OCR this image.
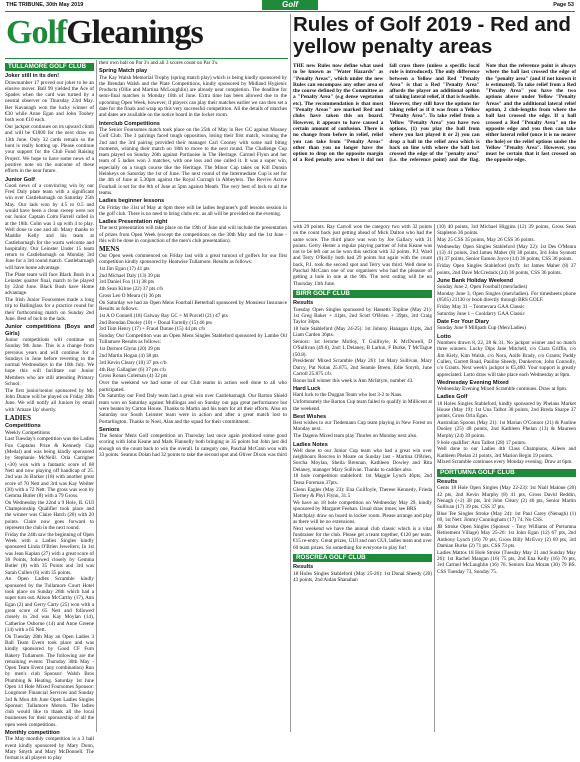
THE TRIBUNE, 30th May 2019	Golf	Page 53
GolfGleanings	Rules of Golf 2019 - Red and yellow penalty areas
TULLAMORE GOLF CLUB
Joker still in its den!

Drawnumber 17 proved our joker to be an elusive mover. Ball 99 yielded the Ace of Spades when the card was turned by a neutral observer on Thursday 23rd May. Ber Kavanagh won the lucky winner of €30 while Anne Egan and John Toohey both won €10 each.

Our jackpot continues on its upward climb and will be €1800 for the next draw on 13th June. Only 32 cards remain so the hunt is really hotting up. Please continue your support for the Club Fund Raising Project. We hope to have some news of a positive note on the outcome of these efforts in the near future.

Junior Golf

Good news of a convincing win by our Fred Daly plate team with a significant win over Castlebarnagh on Saturday 25th May. Our lads won by 4.5 to 0.5 and would have been a clean sweep were not our Junior Captain Colm Farrell called in at the 18th. Colm was 3 up with 4 to play. Well done to one and all. Many thanks to Maddie Kelly and his team at Castlebarnagh for the warm welcome and hospitality. Our Leinster Under 15 team return to Castlebarnagh on Monday 3rd June for a 3rd round match. Castlebarnagh will have home advantage.

The Plate team will face Black Bush in a Leinster quarter final, match to be played by 22nd June. Black Bush have Home advantage.

The Irish Junior Foursomes made a long trip to Ballinglass for a practice round for their forthcoming match on Sunday 2nd June. Best of luck to the lads.

Junior competitions (Boys and Girls)

Junior competitions will continue on Sunday 9th June. This is a change from previous years and will continue for 4 Sundays in June before reverting to the normal Wednesdays in the 10th July. We hope this will facilitate our Junior Members who are still attending Primary School.

The first junior/senior sponsored by Mr. John Dunne will be played on Friday 28th June. We will notify all Juniors by email with 'Amaze Up' shortly.

LADIES
Competitions

Weekly Competitions

Last Tuesday's competition was the Ladies Fun Captains Prize & Kennedy Cup (Medal) and was being kindly sponsored by Stephanie McNeill. Orla Carrigher (+30) won with a fantastic score of 68 Nett and now playing off handicap of 25. 2nd was Jo Barker (18) with another great score of 70 Nett and 3rd was Kay Weilter (30) with a 72 Nett. The gross was won by Gemma Butler (8) with a 79 Gross.

On Wednesday the 22nd a 9 Hole, IL GUI Championship Qualifier took place and the winner was Claire Hatch (20) with 20 points. Claire now goes forward to represent the club in the next round.

Friday the 24th saw the beginning of Open Week with a Ladies Singles kindly sponsored Linda O'Brien Jewellers; In 1st was Jean Kaplan (27) with a great score of 36 Points, followed closely by Gemma Butler (8) with 35 Points and 3rd was Sarah Cullen (6) with 35 points.

An Open Ladies Scramble kindly sponsored by the Tullamore Court Hotel took place on Sunday 26th which had a super turn out. Alison McCarthy (17), Ann Egan (2) and Gerry Carty (25) won with a great score of 65 Nett and followed closely in 2nd was Kay Moylan (14), Catherine Osborne (14) and Anne Greene (14) with a 65 Nett.

On Tuesday 28th May an Open Ladies 3 Ball Team Event took place and was kindly sponsored by Good CF Furn Bakery Tullamore. The following are the remaining events: Thursday 30th May - Open Team Event (any combination) Run by men's club Sponsor: Walsh Bros Plumbing & Heating. Saturday 1st June Open 14 Hole Mixed Foursomes Sponsor: Longmore Financial Services and Sunday 3rd & Mon 4th June Open Ladies Singles Sponsor: Tullamore Motors. The ladies club would like to thank all the local businesses for their sponsorship of all the open week competitions.

Monthly competition

The May monthly competition is a 3 ball event kindly sponsored by Mary Dunn, Mary Smyth and Mary McDonnell. The format is all players to play

their own ball on Par 3's and all 3 scores count on Par 3's.

Spring Match play

The Kay Walsh Memorial Trophy (spring match play) which is being kindly sponsored by the Brendan Walsh and the Plate Competitions, kindly sponsored by Midland Hygienic Products (Ollie and Martina McLoughlin) are already near completion. The deadline for semi-final matches is Monday 10th of June. Extra time has been allowed due to the upcoming Open Week, however, if players can play their matches earlier we can then set a date for the finals and wrap up this very successful competition. All the details of matches and dates are available on the notice board in the locker room.

Interclub Competitions

The Senior Foursomes match took place on the 25th of May in Rev GC against Mosney Golf Club. The 3 pairings faced tough opposition, losing their first match, winning the 2nd and the 3rd pairing provided their manager Carl Cooney with some nail biting moments, winning their match on 18th to move to the next round. The Challenge Cup team played on Sunday 26th against Portlaoise in The Heritage. Carmel Flynn and her team of 5 ladies won 3 matches, with one loss and one called it. It was a super win, especially on a tough course like the Heritage. The Minor Cup takes on Kill Dunsin Heinkeys on Saturday the 1st of June. The next round of the Intermediate Cup is set for the 4th of June at 5.30pm against the Royal Curragh in Abbeyleix. The Revive Active Fourball is set for the 8th of June at 5pm against Meath. The very best of luck to all the teams.

Ladies beginner lessons

On Friday the 31st of May at 6pm there will be ladies beginner's golf lessons session in the golf club. There is no need to bring clubs etc. as all will be provided on the evening.

Ladies Presentation night

The next presentation will take place on the 19th of June and will include the presentation of prizes from Open Week (except the competitions on the 30th May and the 1st June - this will be done in conjunction of the men's club presentation).

MENS

Our Open week commenced on Friday last with a great turnout of golfers for our first competition kindly sponsored by Heatwise Tullamore. Results as follows:

1st Jim Egan (17) 41 pts

2nd Michael Daly (13) 39 pts

3rd Daniel Fox (11) 38 pts

4th Sean Kilroe (22) 37 pts c/b

Gross Leo O Meara (1) 36 pts

On Saturday we had an Open Mens Fourball Betterball sponsored by Monsieur Insurance Results as follows:

1st A O Connell (18) Galway Bay GC + M Purcell (21) 47 pts

2nd Brendan Dooley (10) + Donal Farrelly (15) 46 pts

3rd Tom Henry (17) + Fraud Dunne (15) 44 pts c/b

Sunday Our Competition was an Open Mens Singles Stableford sponsored by Lambe Oil Tullamore Results as follows:

1st Dermot Glynn (20) 39 pts

2nd Martin Hogan (4) 38 pts

3rd Kevin Cleary (10) 37 pts c/b

4th Ray Gallagher (6) 37 pts c/b

Gross Ronan Coleman (4) 32 pts

Over the weekend we had some of our Club teams in action well done to all who participated.

On Saturday our Fred Daly team had a great win over Castlebarnagh. Our Barton Shield team won on Saturday against Mullingar and on Sunday our pga great performance but were beaten by Carton House. Thanks to Martin and his team for all their efforts. Also on Saturday our South Leinster team were in action and after a great match lost to Portarlington. Thanks to Noel, Alan and the squad for their commitment.

Seniors

The Senior Mens Golf competition on Thursday last once again produced some good scoring with John Keane and Mark Flannelly both bringing in 35 points but John just did enough on the count back to win the overall. In category one, Paschal McCann won with 33 points. Seamus Dolan had 32 points to take the second spot and Oliver Dixon was third

THE new Rules now define what used to be known as "Water Hazards" as "Penalty Areas", which under the new Rules can encompass any other area of the course defined by the Committee as a "Penalty Area" (e.g dense vegetation etc). The recommendation is that most "Penalty Areas" are marked Red and clubs have taken this on board. However, it appears to have caused a certain amount of confusion. There is no change from before in relief, relief you can take from "Penalty Areas" other than you no longer have the option to drop on the opposite margin of a Red penalty area when it did not fall cross there (unless a specific local rule is introduced). The only difference between a Yellow and Red "Penalty Area" is that a Red "Penalty Area" affords the player an additional option of taking lateral relief, if that is feasible. However, they still have the options for taking relief as if it was from a Yellow "Penalty Area". To take relief from a Yellow "Penalty Area" you have two options, (1) you play the ball from where you last played it or 2) you can drop a ball in the relief area which is back on line with where the ball last crossed the edge of the "penalty area" (i.e. the reference point) and the flag. Note that the reference point is always where the ball last crossed the edge of the "penalty area" (and if not known it is estimated). To take relief from a Red "Penalty Area" you have the two options above under Yellow "Penalty Areas" and the additional lateral relief option, 2 club-lengths from where the ball last crossed the edge. If a ball crossed a Red "Penalty Area" on the opposite edge and you then can take either lateral relief (once it is no nearer the hole) or the relief options under the Yellow "Penalty Area". However, you must be certain that it last crossed on the opposite edge.

with 29 points. Ray Carroll won the category two with 32 points on the count back just getting ahead of Mick Dalton who had the same score. The third place was won by Joe Gallacy with 31 points. Gerry Hester a regular playing partner of John Keane was not to be left out as he won this section with 32 points. P.J. Ward and Terry O'Reilly both had 29 points but again with the count back, P.J. took the second spot and Terry was third. Well done to Paschal McCann one of our organisers who had the pleasure of getting a hole in one at the 9th. The next outing will be on Thursday 13th June.

BIRR GOLF CLUB
Results

Tuesday Open Singles sponsored by Hassetts Topline (May 21): 1st Greg Baker + 41pts, 2nd Scott O'Brien + 39pts, 3rd Craig Taylor 38pts.

18 hole Stableford (May 24-25): 1st Johnny Hanagan 41pts, 2nd Liam Carden 36pts.

Seniors: 1st Jerome Molloy, T Guilfoyle, K McDowell, D O'Sullivan (49.6), 2nd: L Delaney, B Larkin, F Burke, T McTague (50.8).

Presidents' Mixed Scramble (May 26): 1st Mary Sullivan, Mary Darcy, Pat Nolan 25.875, 2nd Seamie Breen, Edie Smyth, June Carroll 25.875 c/b.

Bonus ball winner this week is Ann McIntyre, number 43.

Hard Luck

Hard luck to the Duggan Team who lost 3-2 to Naas.

Unfortunately the Barton Cup team failed to qualify in Millicent at the weekend.

Best Wishes

Best wishes to our Tiedemann Cup team playing in New Forest on Monday next.

The Dagens Mixed team play Thurles on Monday next also.

Ladies Notes

Well done to our Junior Cup team who had a great win over neighbours Roscrea in Moate on Sunday last - Martina O'Brien, Sorcha Moylan, Sheila Brennan, Kathleen Dowley and Rita Delaney, manager Mary Sullivan. Thanks to caddies also.

18 hole competition stableford: 1st Maggie Lynch 46pts, 2nd Tessa Foreman 37pts.

Glenn Eagles (May 23): Ena Guilfoyle, Therese Kennedy, Frieda Tierney & Phyl Flynn, 31.5

We have an 18 hole competition on Wednesday May 29, kindly sponsored by Margaret Feehan. Usual draw times; see BRS

Matchplay draw on board in locker room. Please arrange and play as there will be no extensions.

Next weekend we have the annual club classic which is a vital fundraiser for the club. Please get a team together, €120 per team. €15 re-entry. Great prizes, GUI and non GUI, ladies team and over 60 team prizes. So something for everyone to play for!

ROSCREA GOLF CLUB
Results

18 Holes Singles Stableford (May 25-26): 1st Donal Sheedy (20) 43 points, 2nd Aidan Shanahan

(10) 40 points, 3rd Michael Higgins (12) 39 points, Gross Sean Stapleton 36 points.

May 25 CSS 35 points, May 26 CSS 36 points.

Wednesday Open Singles Stableford (May 22): 1st Des O'Meara (13) 41 points, 2nd James Maher (8) 38 points, 3rd John Synnott (9) 37 points, Senior Eamon Joyce (14) 36 points, CSS 36 points.

Friday Open Singles Stableford (m/f): 1st James Maher (8) 37 points, 2nd Dave McCredack (24) 36 points, CSS 36 points.

June Bank Holiday Weekend

Sunday June 2, Open Fourball (men/ladies)

Monday June 3, Open Singles (men/ladies). For timesheets phone (0505) 21130 or book directly through BRS GOLF.

Friday May 31 – Toomevara GAA Classic

Saturday June 1 – Cooldarry GAA Classic

Date For Your Diary

Sunday June 9 Millpath Cup (Men/Ladies)

Lotto

Numbers drawn 8, 22, 28 & 31. No jackpot winner and no match three winners. Lucky Dips Jane Mitchell, c/o Ciara Griffin, c/o Jim Kiely, Kim Walsh, c/o Nora, Aoife Brady, c/o Grants; Paddy Cullen, Garrett Road, Pauline Sheedy, Dunkerron; John Connolly, c/o Grants. Next week's jackpot is €5,400. Your support is greatly appreciated. Lotto draw will take place each Wednesday at 8pm.

Wednesday Evening Mixed

Wednesday Evening Mixed Scramble continues. Draw at 6pm.

Ladies Golf

18 Holes Singles Stableford, kindly sponsored by Phelans Market House (May 19): 1st Una Talbot 38 points, 2nd Breda Sharpe 37 points, Gross Orla Egan.

Australian Spoons (May 21): 1st Marian O'Connor (21) & Pauline Dooley (25) 48 points, 2nd Kathleen Phelan (13) & Maureen Murphy (24) 39 points.

9 hole qualifier: Ann Talbot (28) 17 points.

Well done to our Ladies 4th Class Champions, Aileen and Kathleen Phelan 21 points, 3rd Marion Begin 19 points.

Mixed Scramble continues every Monday evening. Draw at 6pm.

PORTUMNA GOLF CLUB
Results

Gents 18 Hole Open Singles (May 22-23): 1st Niall Malone (20) 42 pts, 2nd Kevin Murphy (8) 41 pts, Gross David Reddin, Nenagh (+2) 38 pts, 3rd John Cleary (2) 40 pts, Senior Martin Sullivan (17) 39 pts. CSS 37 pts.

Blue Tee Singles Stroke (May 24): 1st Paul Carey (Nenagh) (1) 69, 1st Nett: Jimmy Cunningham (17) 74. No CSS.

JB Stroke Open Singles (Sponsor - Tony Williams of Portumna Retirement Village) May 25-26: 1st John Egan (12) 67 pts, 2nd Anthony Lynch (16) 70 pts, Gross Billy McEvoy (2) 69 pts, 3rd Damian Burke (2) 71 pts. CSS 73 pts.

Ladies Mattos 18 Hole Stroke (Tuesday May 21 and Sunday May 26): 1st Rachel Mangan (16) 75 pts, 2nd Ena Kelly (16) 76 pts, 3rd Carmel McLaughlin (16) 76. Seniors Ena Moran (30) 79 BS. CSS Tuesday 73, Sunday 75.
